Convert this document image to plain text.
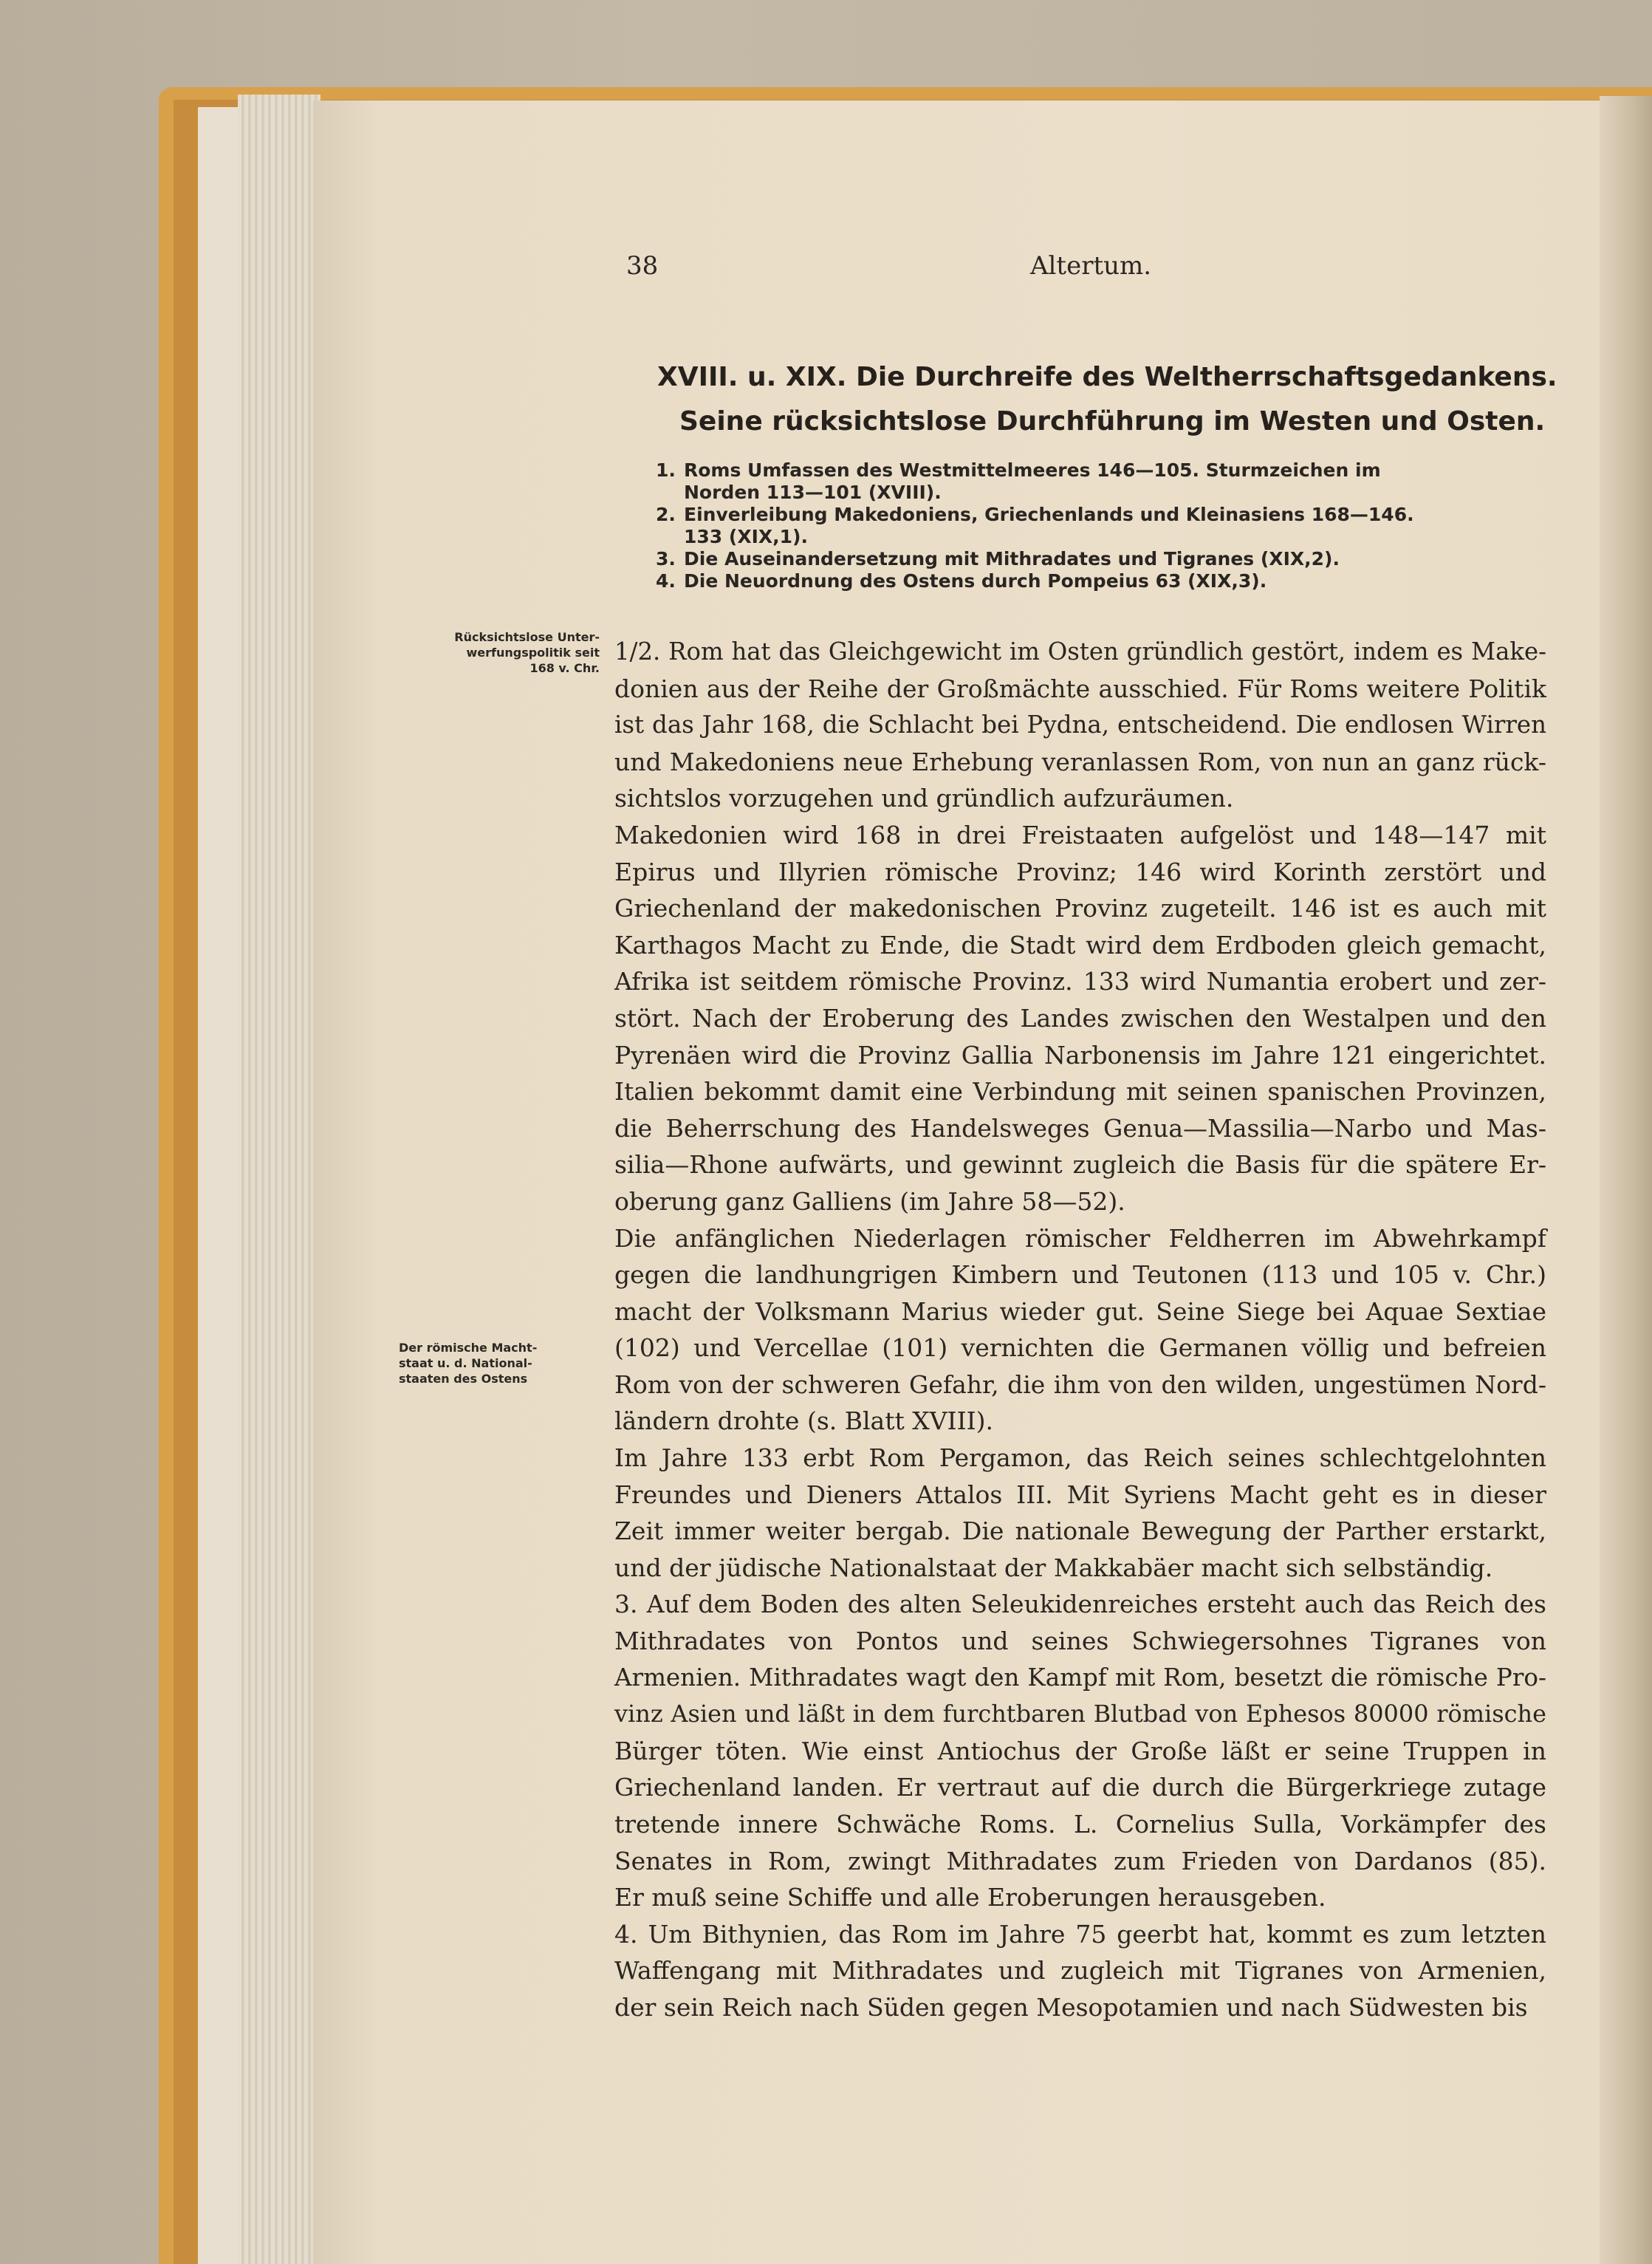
38	Altertum.
XVIII. u. XIX. Die Durchreife des Weltherrschaftsgedankens.
Seine rücksichtslose Durchführung im Westen und Osten.
1. Roms Umfassen des Westmittelmeeres 146—105. Sturmzeichen im
Norden 113—101 (XVIII).
2. Einverleibung Makedoniens, Griechenlands und Kleinasiens 168—146.
133 (XIX,1).
3. Die Auseinandersetzung mit Mithradates und Tigranes (XIX,2).
4. Die Neuordnung des Ostens durch Pompeius 63 (XIX,3).
Rücksichtslose Unter-
werfungspolitik seit
168 v. Chr.
Der römische Macht-
staat u. d. National-
staaten des Ostens
1/2. Rom hat das Gleichgewicht im Osten gründlich gestört, indem es Make-
donien aus der Reihe der Großmächte ausschied. Für Roms weitere Politik
ist das Jahr 168, die Schlacht bei Pydna, entscheidend. Die endlosen Wirren
und Makedoniens neue Erhebung veranlassen Rom, von nun an ganz rück-
sichtslos vorzugehen und gründlich aufzuräumen.
Makedonien wird 168 in drei Freistaaten aufgelöst und 148—147 mit
Epirus und Illyrien römische Provinz; 146 wird Korinth zerstört und
Griechenland der makedonischen Provinz zugeteilt. 146 ist es auch mit
Karthagos Macht zu Ende, die Stadt wird dem Erdboden gleich gemacht,
Afrika ist seitdem römische Provinz. 133 wird Numantia erobert und zer-
stört. Nach der Eroberung des Landes zwischen den Westalpen und den
Pyrenäen wird die Provinz Gallia Narbonensis im Jahre 121 eingerichtet.
Italien bekommt damit eine Verbindung mit seinen spanischen Provinzen,
die Beherrschung des Handelsweges Genua—Massilia—Narbo und Mas-
silia—Rhone aufwärts, und gewinnt zugleich die Basis für die spätere Er-
oberung ganz Galliens (im Jahre 58—52).
Die anfänglichen Niederlagen römischer Feldherren im Abwehrkampf
gegen die landhungrigen Kimbern und Teutonen (113 und 105 v. Chr.)
macht der Volksmann Marius wieder gut. Seine Siege bei Aquae Sextiae
(102) und Vercellae (101) vernichten die Germanen völlig und befreien
Rom von der schweren Gefahr, die ihm von den wilden, ungestümen Nord-
ländern drohte (s. Blatt XVIII).
Im Jahre 133 erbt Rom Pergamon, das Reich seines schlechtgelohnten
Freundes und Dieners Attalos III. Mit Syriens Macht geht es in dieser
Zeit immer weiter bergab. Die nationale Bewegung der Parther erstarkt,
und der jüdische Nationalstaat der Makkabäer macht sich selbständig.
3. Auf dem Boden des alten Seleukidenreiches ersteht auch das Reich des
Mithradates von Pontos und seines Schwiegersohnes Tigranes von
Armenien. Mithradates wagt den Kampf mit Rom, besetzt die römische Pro-
vinz Asien und läßt in dem furchtbaren Blutbad von Ephesos 80000 römische
Bürger töten. Wie einst Antiochus der Große läßt er seine Truppen in
Griechenland landen. Er vertraut auf die durch die Bürgerkriege zutage
tretende innere Schwäche Roms. L. Cornelius Sulla, Vorkämpfer des
Senates in Rom, zwingt Mithradates zum Frieden von Dardanos (85).
Er muß seine Schiffe und alle Eroberungen herausgeben.
4. Um Bithynien, das Rom im Jahre 75 geerbt hat, kommt es zum letzten
Waffengang mit Mithradates und zugleich mit Tigranes von Armenien,
der sein Reich nach Süden gegen Mesopotamien und nach Südwesten bis
